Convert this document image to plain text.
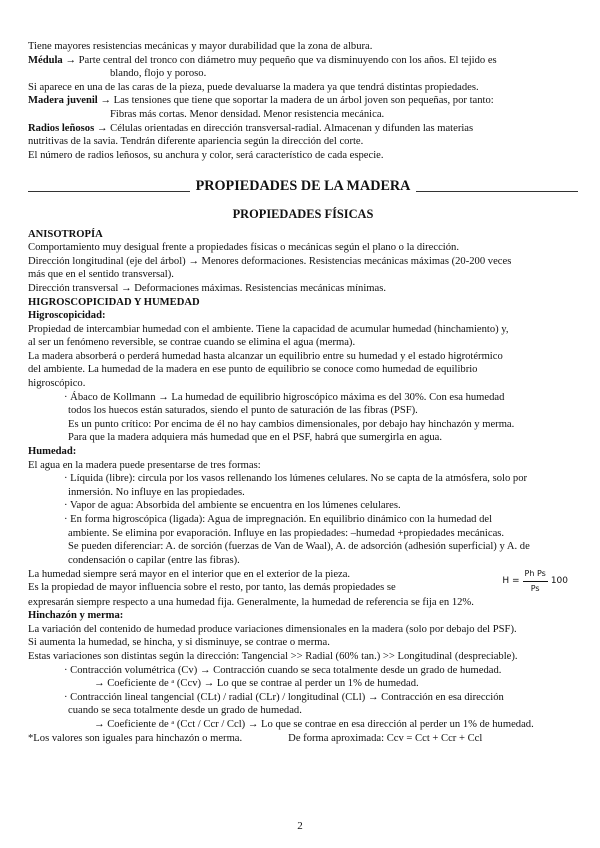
Tiene mayores resistencias mecánicas y mayor durabilidad que la zona de albura.

Médula → Parte central del tronco con diámetro muy pequeño que va disminuyendo con los años. El tejido es

blando, flojo y poroso.

Si aparece en una de las caras de la pieza, puede devaluarse la madera ya que tendrá distintas propiedades.

Madera juvenil → Las tensiones que tiene que soportar la madera de un árbol joven son pequeñas, por tanto:

Fibras más cortas. Menor densidad. Menor resistencia mecánica.

Radios leñosos → Células orientadas en dirección transversal-radial. Almacenan y difunden las materias

nutritivas de la savia. Tendrán diferente apariencia según la dirección del corte.

El número de radios leñosos, su anchura y color, será característico de cada especie.

PROPIEDADES DE LA MADERA

PROPIEDADES FÍSICAS

ANISOTROPÍA

Comportamiento muy desigual frente a propiedades físicas o mecánicas según el plano o la dirección.

Dirección longitudinal (eje del árbol) → Menores deformaciones. Resistencias mecánicas máximas (20-200 veces

más que en el sentido transversal).

Dirección transversal → Deformaciones máximas. Resistencias mecánicas mínimas.

HIGROSCOPICIDAD Y HUMEDAD

Higroscopicidad:

Propiedad de intercambiar humedad con el ambiente. Tiene la capacidad de acumular humedad (hinchamiento) y,

al ser un fenómeno reversible, se contrae cuando se elimina el agua (merma).

La madera absorberá o perderá humedad hasta alcanzar un equilibrio entre su humedad y el estado higrotérmico

del ambiente. La humedad de la madera en ese punto de equilibrio se conoce como humedad de equilibrio

higroscópico.

· Ábaco de Kollmann → La humedad de equilibrio higroscópico máxima es del 30%. Con esa humedad

todos los huecos están saturados, siendo el punto de saturación de las fibras (PSF).

Es un punto crítico: Por encima de él no hay cambios dimensionales, por debajo hay hinchazón y merma.

Para que la madera adquiera más humedad que en el PSF, habrá que sumergirla en agua.

Humedad:

El agua en la madera puede presentarse de tres formas:

· Líquida (libre): circula por los vasos rellenando los lúmenes celulares. No se capta de la atmósfera, solo por

inmersión. No influye en las propiedades.

· Vapor de agua: Absorbida del ambiente se encuentra en los lúmenes celulares.

· En forma higroscópica (ligada): Agua de impregnación. En equilibrio dinámico con la humedad del

ambiente. Se elimina por evaporación. Influye en las propiedades: –humedad +propiedades mecánicas.

Se pueden diferenciar: A. de sorción (fuerzas de Van de Waal), A. de adsorción (adhesión superficial) y A. de

condensación o capilar (entre las fibras).

La humedad siempre será mayor en el interior que en el exterior de la pieza.

Es la propiedad de mayor influencia sobre el resto, por tanto, las demás propiedades se

$H = \frac{\text{Ph Ps}}{Ps} 100$

expresarán siempre respecto a una humedad fija. Generalmente, la humedad de referencia se fija en 12%.

Hinchazón y merma:

La variación del contenido de humedad produce variaciones dimensionales en la madera (solo por debajo del PSF).

Si aumenta la humedad, se hincha, y si disminuye, se contrae o merma.

Estas variaciones son distintas según la dirección: Tangencial >> Radial (60% tan.) >> Longitudinal (despreciable).

· Contracción volumétrica (Cv) → Contracción cuando se seca totalmente desde un grado de humedad.

→ Coeficiente de ᵃ (Ccv) → Lo que se contrae al perder un 1% de humedad.

· Contracción lineal tangencial (CLt) / radial (CLr) / longitudinal (CLl) → Contracción en esa dirección

cuando se seca totalmente desde un grado de humedad.

→ Coeficiente de ᵃ (Cct / Ccr / Ccl) → Lo que se contrae en esa dirección al perder un 1% de humedad.

*Los valores son iguales para hinchazón o merma.	De forma aproximada: Ccv = Cct + Ccr + Ccl
2
